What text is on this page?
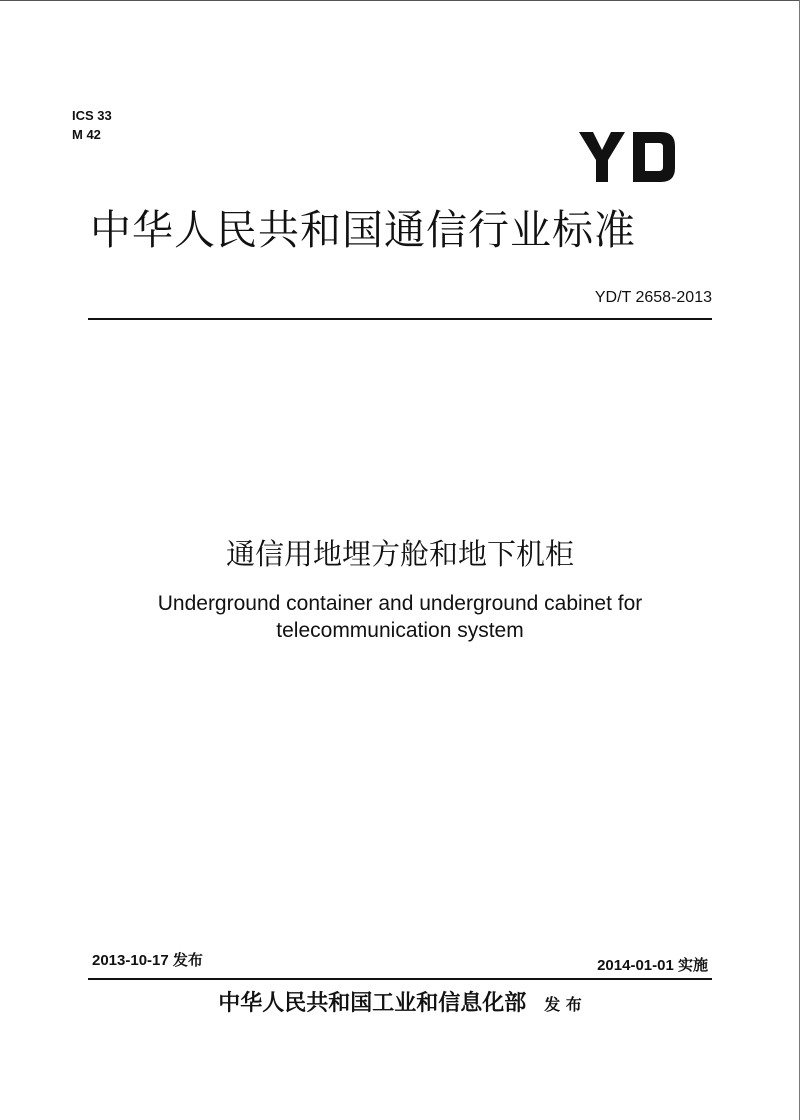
ICS 33
M 42
中华人民共和国通信行业标准
YD/T 2658-2013
通信用地埋方舱和地下机柜
Underground container and underground cabinet for
telecommunication system
2013-10-17 发布	2014-01-01 实施
中华人民共和国工业和信息化部 发 布
